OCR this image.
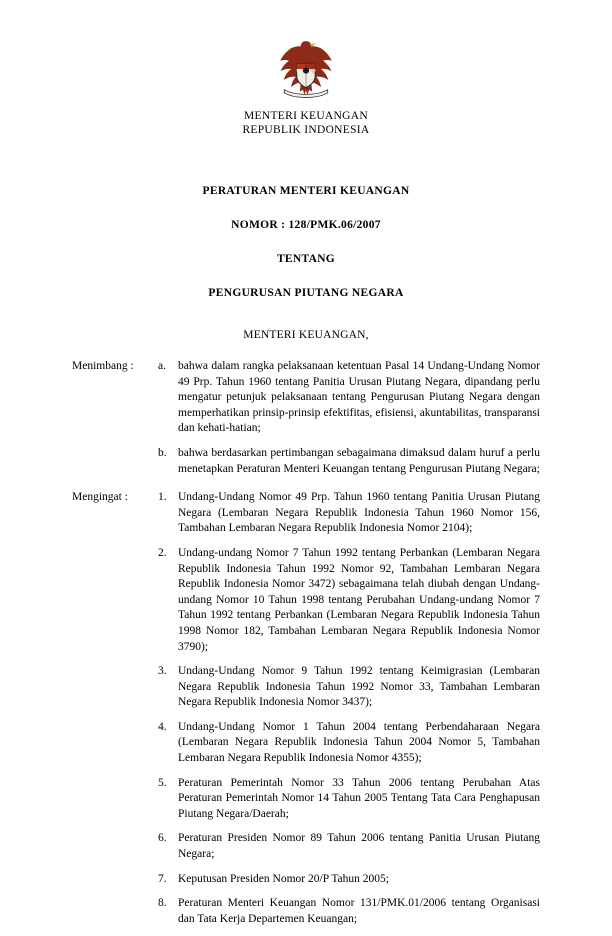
MENTERI KEUANGAN
REPUBLIK INDONESIA
PERATURAN MENTERI KEUANGAN
NOMOR : 128/PMK.06/2007
TENTANG
PENGURUSAN PIUTANG NEGARA
MENTERI KEUANGAN,
Menimbang :	a.	bahwa dalam rangka pelaksanaan ketentuan Pasal 14 Undang-Undang Nomor 49 Prp. Tahun 1960 tentang Panitia Urusan Piutang Negara, dipandang perlu mengatur petunjuk pelaksanaan tentang Pengurusan Piutang Negara dengan memperhatikan prinsip-prinsip efektifitas, efisiensi, akuntabilitas, transparansi dan kehati-hatian;
b. bahwa berdasarkan pertimbangan sebagaimana dimaksud dalam huruf a perlu menetapkan Peraturan Menteri Keuangan tentang Pengurusan Piutang Negara;
Mengingat :	1. Undang-Undang Nomor 49 Prp. Tahun 1960 tentang Panitia Urusan Piutang Negara (Lembaran Negara Republik Indonesia Tahun 1960 Nomor 156, Tambahan Lembaran Negara Republik Indonesia Nomor 2104);
2. Undang-undang Nomor 7 Tahun 1992 tentang Perbankan (Lembaran Negara Republik Indonesia Tahun 1992 Nomor 92, Tambahan Lembaran Negara Republik Indonesia Nomor 3472) sebagaimana telah diubah dengan Undang-undang Nomor 10 Tahun 1998 tentang Perubahan Undang-undang Nomor 7 Tahun 1992 tentang Perbankan (Lembaran Negara Republik Indonesia Tahun 1998 Nomor 182, Tambahan Lembaran Negara Republik Indonesia Nomor 3790);
3. Undang-Undang Nomor 9 Tahun 1992 tentang Keimigrasian (Lembaran Negara Republik Indonesia Tahun 1992 Nomor 33, Tambahan Lembaran Negara Republik Indonesia Nomor 3437);
4. Undang-Undang Nomor 1 Tahun 2004 tentang Perbendaharaan Negara (Lembaran Negara Republik Indonesia Tahun 2004 Nomor 5, Tambahan Lembaran Negara Republik Indonesia Nomor 4355);
5. Peraturan Pemerintah Nomor 33 Tahun 2006 tentang Perubahan Atas Peraturan Pemerintah Nomor 14 Tahun 2005 Tentang Tata Cara Penghapusan Piutang Negara/Daerah;
6. Peraturan Presiden Nomor 89 Tahun 2006 tentang Panitia Urusan Piutang Negara;
7. Keputusan Presiden Nomor 20/P Tahun 2005;
8. Peraturan Menteri Keuangan Nomor 131/PMK.01/2006 tentang Organisasi dan Tata Kerja Departemen Keuangan;
